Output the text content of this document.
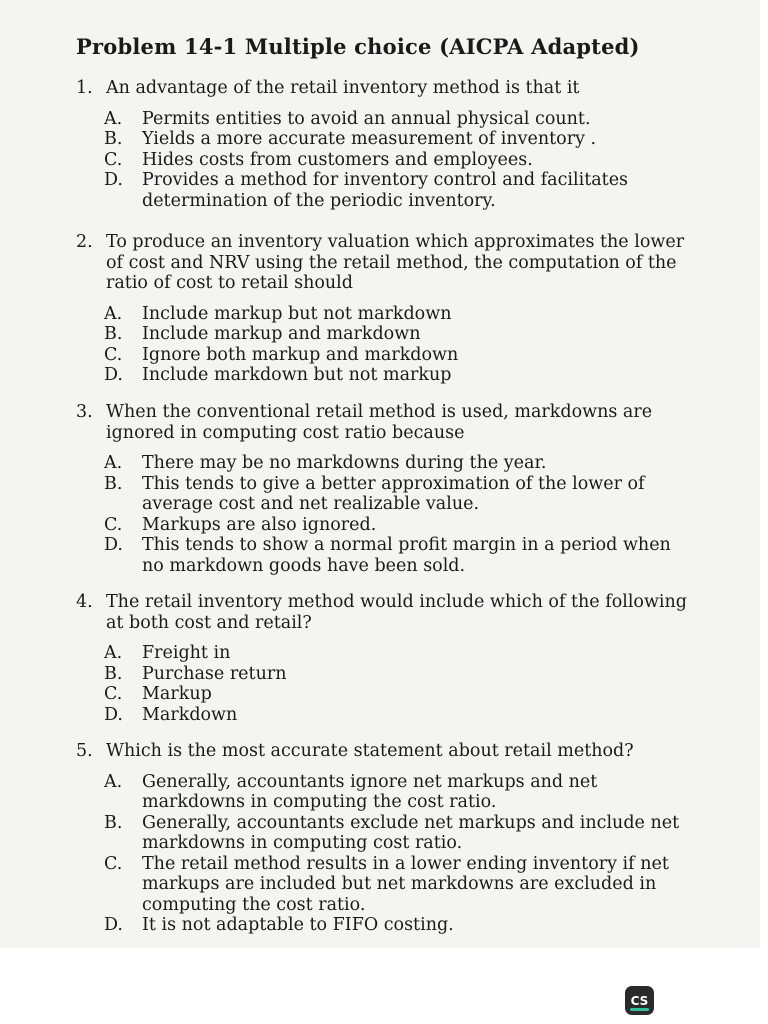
Problem 14-1 Multiple choice (AICPA Adapted)
1. An advantage of the retail inventory method is that it
A.	Permits entities to avoid an annual physical count.
B.	Yields a more accurate measurement of inventory .
C.	Hides costs from customers and employees.
D.	Provides a method for inventory control and facilitates determination of the periodic inventory.
2. To produce an inventory valuation which approximates the lower of cost and NRV using the retail method, the computation of the ratio of cost to retail should
A.	Include markup but not markdown
B.	Include markup and markdown
C.	Ignore both markup and markdown
D.	Include markdown but not markup
3. When the conventional retail method is used, markdowns are ignored in computing cost ratio because
A.	There may be no markdowns during the year.
B.	This tends to give a better approximation of the lower of average cost and net realizable value.
C.	Markups are also ignored.
D.	This tends to show a normal profit margin in a period when no markdown goods have been sold.
4. The retail inventory method would include which of the following at both cost and retail?
A.	Freight in
B.	Purchase return
C.	Markup
D.	Markdown
5. Which is the most accurate statement about retail method?
A.	Generally, accountants ignore net markups and net markdowns in computing the cost ratio.
B.	Generally, accountants exclude net markups and include net markdowns in computing cost ratio.
C.	The retail method results in a lower ending inventory if net markups are included but net markdowns are excluded in computing the cost ratio.
D.	It is not adaptable to FIFO costing.
CS
